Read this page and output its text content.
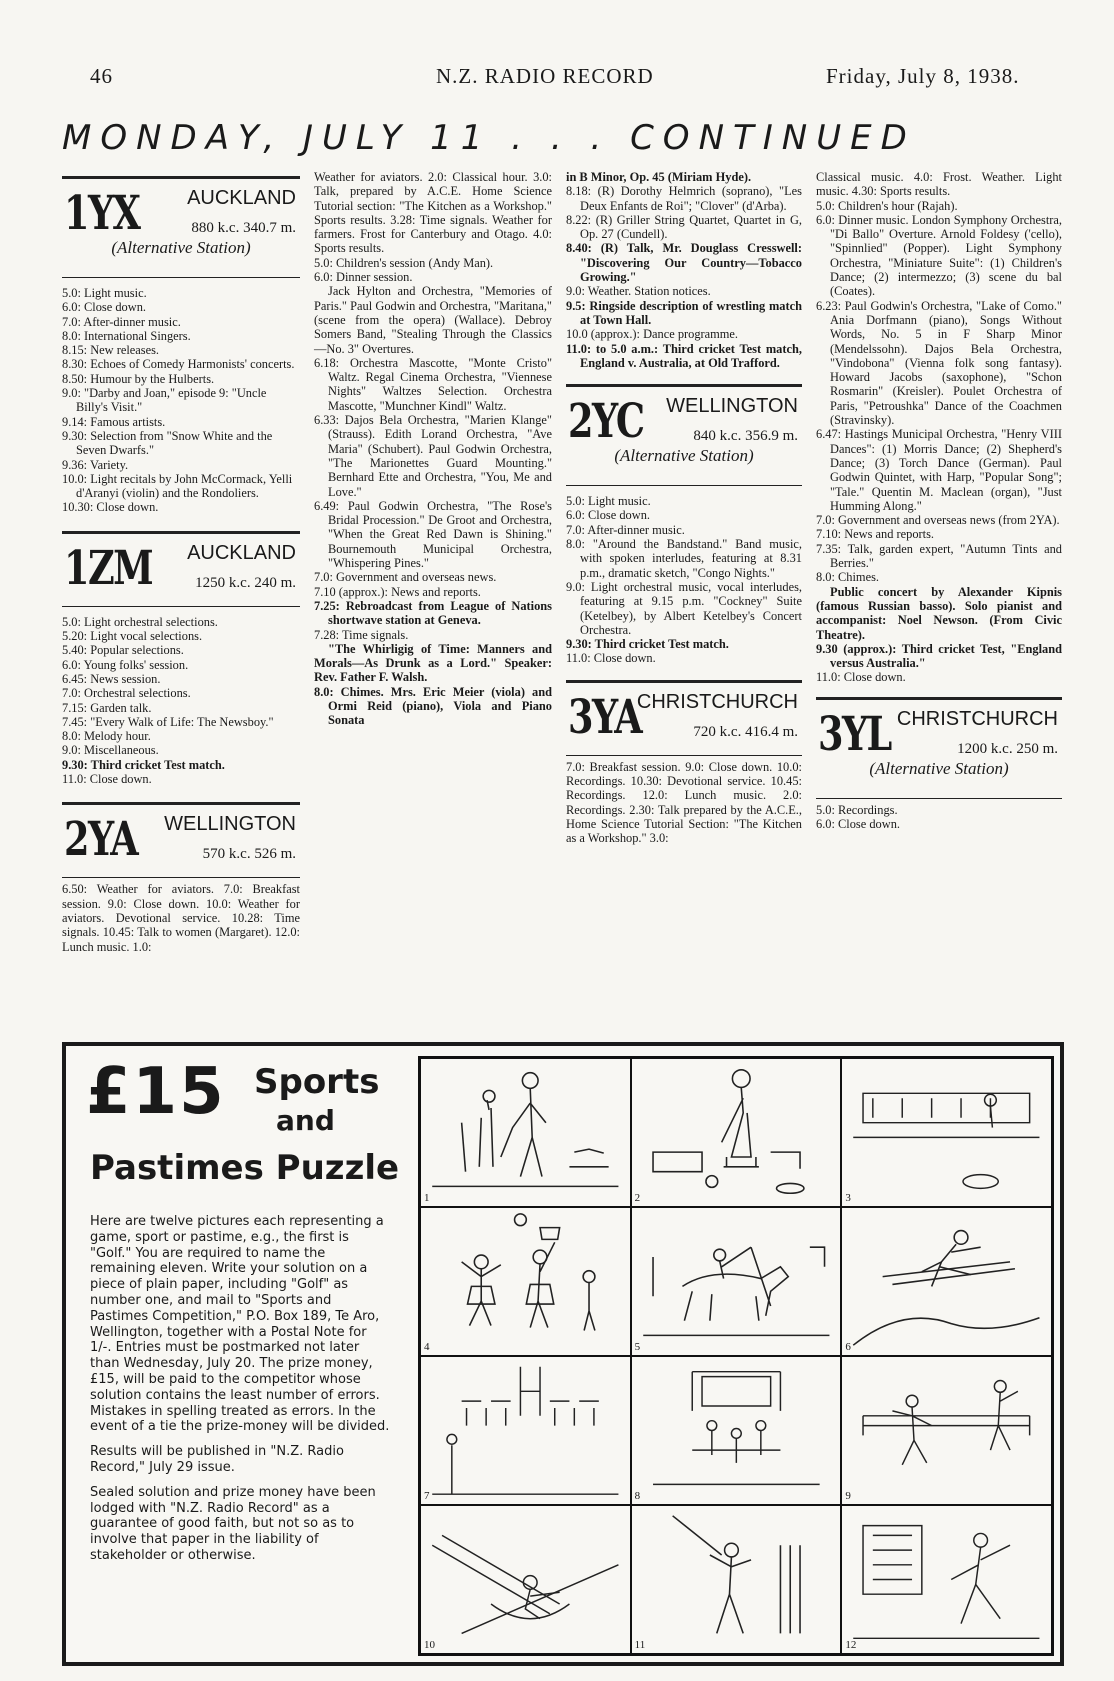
46	N.Z. RADIO RECORD	Friday, July 8, 1938.
MONDAY, JULY 11 . . . CONTINUED
1YX AUCKLAND
880 k.c. 340.7 m.
(Alternative Station)

5.0: Light music.

6.0: Close down.

7.0: After-dinner music.

8.0: International Singers.

8.15: New releases.

8.30: Echoes of Comedy Harmonists' concerts.

8.50: Humour by the Hulberts.

9.0: "Darby and Joan," episode 9: "Uncle Billy's Visit."

9.14: Famous artists.

9.30: Selection from "Snow White and the Seven Dwarfs."

9.36: Variety.

10.0: Light recitals by John McCormack, Yelli d'Aranyi (violin) and the Rondoliers.

10.30: Close down.

1ZM AUCKLAND
1250 k.c. 240 m.

5.0: Light orchestral selections.

5.20: Light vocal selections.

5.40: Popular selections.

6.0: Young folks' session.

6.45: News session.

7.0: Orchestral selections.

7.15: Garden talk.

7.45: "Every Walk of Life: The Newsboy."

8.0: Melody hour.

9.0: Miscellaneous.

9.30: Third cricket Test match.

11.0: Close down.

2YA WELLINGTON
570 k.c. 526 m.

6.50: Weather for aviators. 7.0: Breakfast session. 9.0: Close down. 10.0: Weather for aviators. Devotional service. 10.28: Time signals. 10.45: Talk to women (Margaret). 12.0: Lunch music. 1.0:

Weather for aviators. 2.0: Classical hour. 3.0: Talk, prepared by A.C.E. Home Science Tutorial section: "The Kitchen as a Workshop." Sports results. 3.28: Time signals. Weather for farmers. Frost for Canterbury and Otago. 4.0: Sports results.

5.0: Children's session (Andy Man).

6.0: Dinner session.

Jack Hylton and Orchestra, "Memories of Paris." Paul Godwin and Orchestra, "Maritana," (scene from the opera) (Wallace). Debroy Somers Band, "Stealing Through the Classics—No. 3" Overtures.

6.18: Orchestra Mascotte, "Monte Cristo" Waltz. Regal Cinema Orchestra, "Viennese Nights" Waltzes Selection. Orchestra Mascotte, "Munchner Kindl" Waltz.

6.33: Dajos Bela Orchestra, "Marien Klange" (Strauss). Edith Lorand Orchestra, "Ave Maria" (Schubert). Paul Godwin Orchestra, "The Marionettes Guard Mounting." Bernhard Ette and Orchestra, "You, Me and Love."

6.49: Paul Godwin Orchestra, "The Rose's Bridal Procession." De Groot and Orchestra, "When the Great Red Dawn is Shining." Bournemouth Municipal Orchestra, "Whispering Pines."

7.0: Government and overseas news.

7.10 (approx.): News and reports.

7.25: Rebroadcast from League of Nations shortwave station at Geneva.

7.28: Time signals.

"The Whirligig of Time: Manners and Morals—As Drunk as a Lord." Speaker: Rev. Father F. Walsh.

8.0: Chimes. Mrs. Eric Meier (viola) and Ormi Reid (piano), Viola and Piano Sonata

in B Minor, Op. 45 (Miriam Hyde).

8.18: (R) Dorothy Helmrich (soprano), "Les Deux Enfants de Roi"; "Clover" (d'Arba).

8.22: (R) Griller String Quartet, Quartet in G, Op. 27 (Cundell).

8.40: (R) Talk, Mr. Douglass Cresswell: "Discovering Our Country—Tobacco Growing."

9.0: Weather. Station notices.

9.5: Ringside description of wrestling match at Town Hall.

10.0 (approx.): Dance programme.

11.0: to 5.0 a.m.: Third cricket Test match, England v. Australia, at Old Trafford.

2YC WELLINGTON
840 k.c. 356.9 m.
(Alternative Station)

5.0: Light music.

6.0: Close down.

7.0: After-dinner music.

8.0: "Around the Bandstand." Band music, with spoken interludes, featuring at 8.31 p.m., dramatic sketch, "Congo Nights."

9.0: Light orchestral music, vocal interludes, featuring at 9.15 p.m. "Cockney" Suite (Ketelbey), by Albert Ketelbey's Concert Orchestra.

9.30: Third cricket Test match.

11.0: Close down.

3YA
CHRISTCHURCH
720 k.c. 416.4 m.

7.0: Breakfast session. 9.0: Close down. 10.0: Recordings. 10.30: Devotional service. 10.45: Recordings. 12.0: Lunch music. 2.0: Recordings. 2.30: Talk prepared by the A.C.E., Home Science Tutorial Section: "The Kitchen as a Workshop." 3.0:

Classical music. 4.0: Frost. Weather. Light music. 4.30: Sports results.

5.0: Children's hour (Rajah).

6.0: Dinner music. London Symphony Orchestra, "Di Ballo" Overture. Arnold Foldesy ('cello), "Spinnlied" (Popper). Light Symphony Orchestra, "Miniature Suite": (1) Children's Dance; (2) intermezzo; (3) scene du bal (Coates).

6.23: Paul Godwin's Orchestra, "Lake of Como." Ania Dorfmann (piano), Songs Without Words, No. 5 in F Sharp Minor (Mendelssohn). Dajos Bela Orchestra, "Vindobona" (Vienna folk song fantasy). Howard Jacobs (saxophone), "Schon Rosmarin" (Kreisler). Poulet Orchestra of Paris, "Petroushka" Dance of the Coachmen (Stravinsky).

6.47: Hastings Municipal Orchestra, "Henry VIII Dances": (1) Morris Dance; (2) Shepherd's Dance; (3) Torch Dance (German). Paul Godwin Quintet, with Harp, "Popular Song"; "Tale." Quentin M. Maclean (organ), "Just Humming Along."

7.0: Government and overseas news (from 2YA).

7.10: News and reports.

7.35: Talk, garden expert, "Autumn Tints and Berries."

8.0: Chimes.

Public concert by Alexander Kipnis (famous Russian basso). Solo pianist and accompanist: Noel Newson. (From Civic Theatre).

9.30 (approx.): Third cricket Test, "England versus Australia."

11.0: Close down.

3YL CHRISTCHURCH
1200 k.c. 250 m.
(Alternative Station)

5.0: Recordings.

6.0: Close down.

£15 Sports
and
Pastimes Puzzle

Here are twelve pictures each representing a game, sport or pastime, e.g., the first is "Golf." You are required to name the remaining eleven. Write your solution on a piece of plain paper, including "Golf" as number one, and mail to "Sports and Pastimes Competition," P.O. Box 189, Te Aro, Wellington, together with a Postal Note for 1/-. Entries must be postmarked not later than Wednesday, July 20. The prize money, £15, will be paid to the competitor whose solution contains the least number of errors. Mistakes in spelling treated as errors. In the event of a tie the prize-money will be divided.

Results will be published in "N.Z. Radio Record," July 29 issue.

Sealed solution and prize money have been lodged with "N.Z. Radio Record" as a guarantee of good faith, but not so as to involve that paper in the liability of stakeholder or otherwise.

1	2	3
4	5	6
7	8	9
10	11	12
